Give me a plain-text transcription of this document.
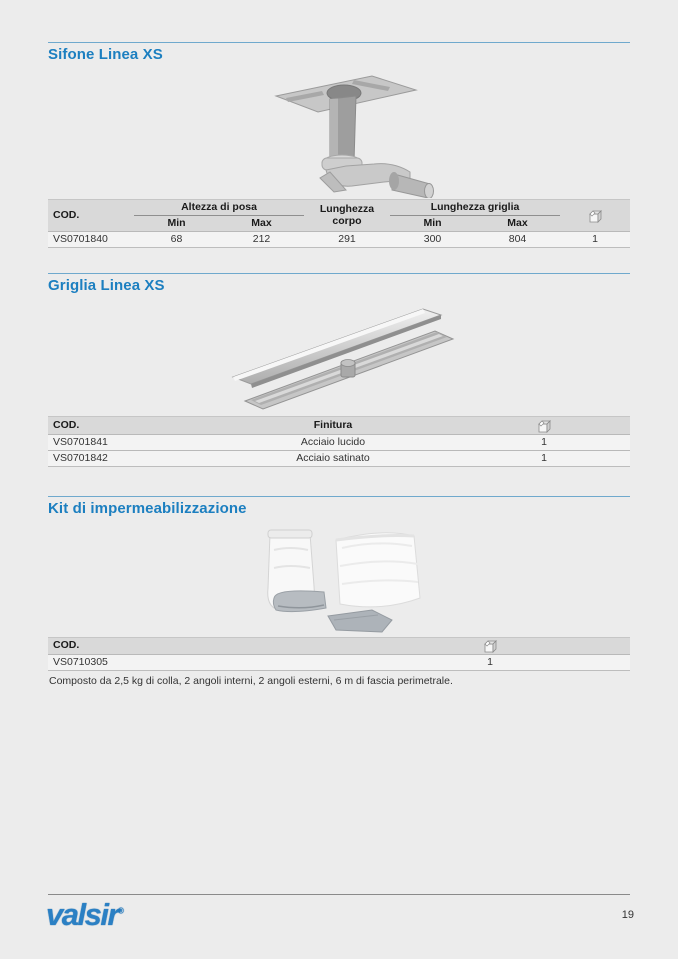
Sifone Linea XS
COD.	Altezza di posa		Lunghezza corpo	Lunghezza griglia	
	Min	Max		Min	Max	
VS0701840	68	212	291	300	804	1
Griglia Linea XS
COD.	Finitura	
VS0701841	Acciaio lucido	1
VS0701842	Acciaio satinato	1
Kit di impermeabilizzazione
COD.	
VS0710305	1
Composto da 2,5 kg di colla, 2 angoli interni, 2 angoli esterni, 6 m di fascia perimetrale.
valsir®	19
